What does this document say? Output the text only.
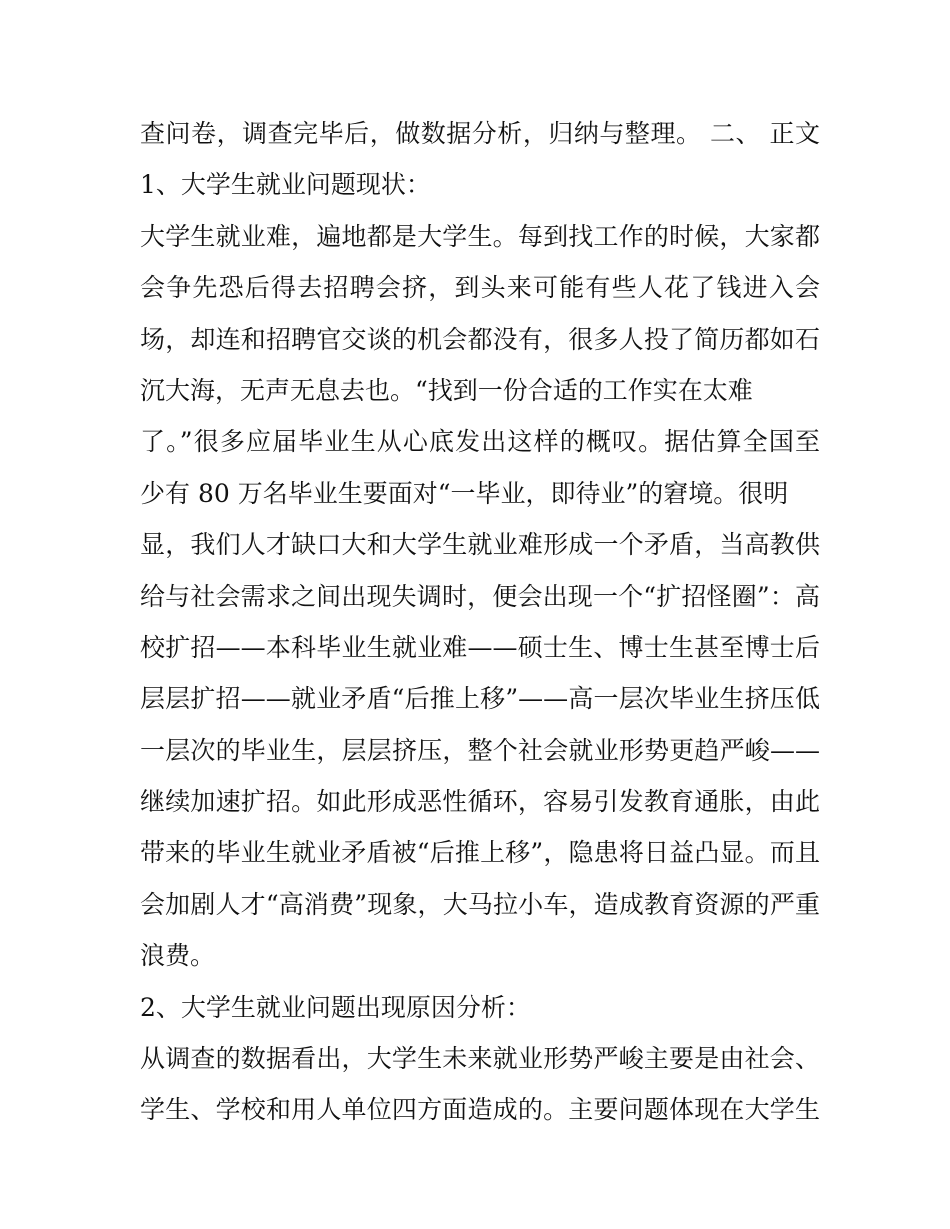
查问卷，调查完毕后，做数据分析，归纳与整理。 二、 正文
1、大学生就业问题现状：
大学生就业难，遍地都是大学生。每到找工作的时候，大家都
会争先恐后得去招聘会挤，到头来可能有些人花了钱进入会
场，却连和招聘官交谈的机会都没有，很多人投了简历都如石
沉大海，无声无息去也。“找到一份合适的工作实在太难
了。”很多应届毕业生从心底发出这样的概叹。据估算全国至
少有 80 万名毕业生要面对“一毕业，即待业”的窘境。很明
显，我们人才缺口大和大学生就业难形成一个矛盾，当高教供
给与社会需求之间出现失调时，便会出现一个“扩招怪圈”：高
校扩招——本科毕业生就业难——硕士生、博士生甚至博士后
层层扩招——就业矛盾“后推上移”——高一层次毕业生挤压低
一层次的毕业生，层层挤压，整个社会就业形势更趋严峻——
继续加速扩招。如此形成恶性循环，容易引发教育通胀，由此
带来的毕业生就业矛盾被“后推上移”，隐患将日益凸显。而且
会加剧人才“高消费”现象，大马拉小车，造成教育资源的严重
浪费。
2、大学生就业问题出现原因分析：
从调查的数据看出，大学生未来就业形势严峻主要是由社会、
学生、学校和用人单位四方面造成的。主要问题体现在大学生
